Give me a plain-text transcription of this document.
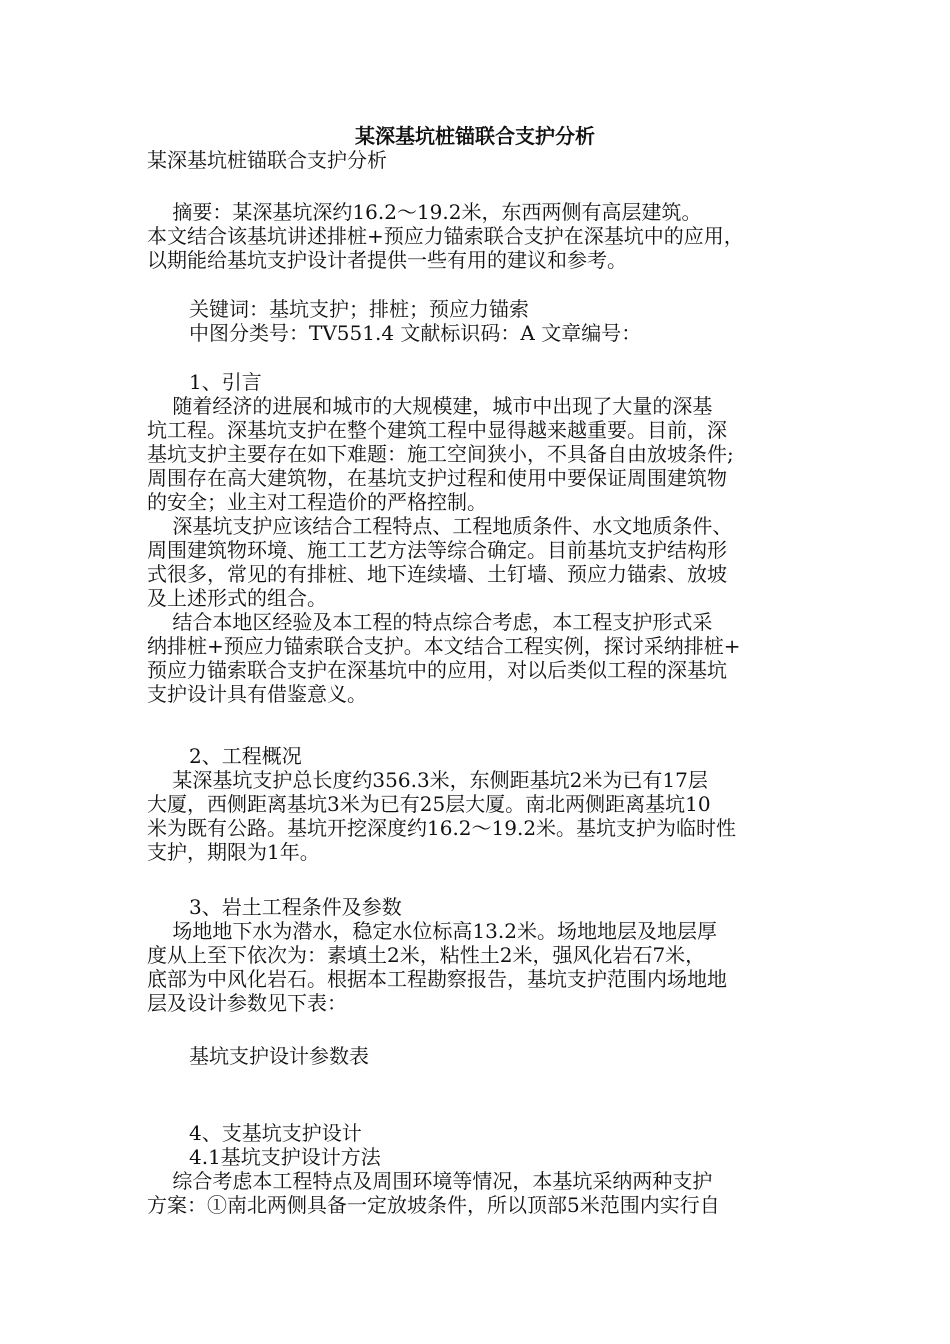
某深基坑桩锚联合支护分析
某深基坑桩锚联合支护分析
摘要：某深基坑深约16.2～19.2米，东西两侧有高层建筑。
本文结合该基坑讲述排桩+预应力锚索联合支护在深基坑中的应用，
以期能给基坑支护设计者提供一些有用的建议和参考。
关键词：基坑支护；排桩；预应力锚索
中图分类号：TV551.4 文献标识码：A 文章编号：
1、引言
随着经济的进展和城市的大规模建，城市中出现了大量的深基
坑工程。深基坑支护在整个建筑工程中显得越来越重要。目前，深
基坑支护主要存在如下难题：施工空间狭小，不具备自由放坡条件;
周围存在高大建筑物，在基坑支护过程和使用中要保证周围建筑物
的安全；业主对工程造价的严格控制。
深基坑支护应该结合工程特点、工程地质条件、水文地质条件、
周围建筑物环境、施工工艺方法等综合确定。目前基坑支护结构形
式很多，常见的有排桩、地下连续墙、土钉墙、预应力锚索、放坡
及上述形式的组合。
结合本地区经验及本工程的特点综合考虑，本工程支护形式采
纳排桩+预应力锚索联合支护。本文结合工程实例，探讨采纳排桩+
预应力锚索联合支护在深基坑中的应用，对以后类似工程的深基坑
支护设计具有借鉴意义。
2、工程概况
某深基坑支护总长度约356.3米，东侧距基坑2米为已有17层
大厦，西侧距离基坑3米为已有25层大厦。南北两侧距离基坑10
米为既有公路。基坑开挖深度约16.2～19.2米。基坑支护为临时性
支护，期限为1年。
3、岩土工程条件及参数
场地地下水为潜水，稳定水位标高13.2米。场地地层及地层厚
度从上至下依次为：素填土2米，粘性土2米，强风化岩石7米，
底部为中风化岩石。根据本工程勘察报告，基坑支护范围内场地地
层及设计参数见下表：
基坑支护设计参数表
4、支基坑支护设计
4.1基坑支护设计方法
综合考虑本工程特点及周围环境等情况，本基坑采纳两种支护
方案：①南北两侧具备一定放坡条件，所以顶部5米范围内实行自
